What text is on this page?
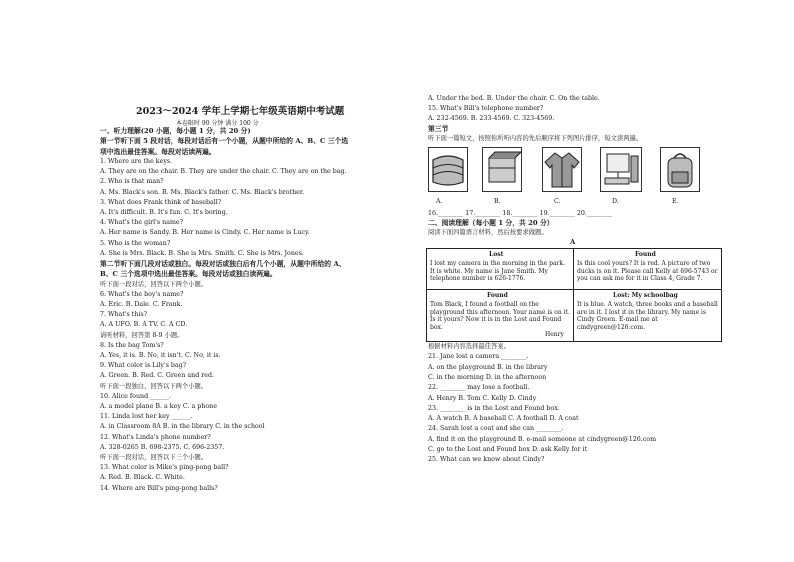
2023～2024 学年上学期七年级英语期中考试题
本卷限时 90 分钟 满分 100 分
一、听力理解(20 小题，每小题 1 分，共 20 分)
第一节听下面 5 段对话，每段对话后有一个小题，从题中所给的 A、B、C 三个选
项中选出最佳答案。每段对话读两遍。
1. Where are the keys.
A. They are on the chair. B. They are under the chair. C. They are on the bag.
2. Who is that man?
A. Ms. Black's son. B. Ms. Black's father. C. Ms. Black's brother.
3. What does Frank think of baseball?
A. It's difficult. B. It's fun. C. It's boring.
4. What's the girl's name?
A. Her name is Sandy. B. Her name is Cindy. C. Her name is Lucy.
5. Who is the woman?
A. She is Mrs. Black. B. She is Mrs. Smith. C. She is Mrs. Jones.
第二节听下面几段对话或独白。每段对话或独白后有几个小题，从题中所给的 A、
B、C 三个选项中选出最佳答案。每段对话或独白读两遍。
听下面一段对话，回答以下两个小题。
6. What's the boy's name?
A. Eric. B. Dale. C. Frank.
7. What's this?
A. A UFO. B. A TV. C. A CD.
请听材料，回答第 8-9 小题。
8. Is the bag Tom's?
A. Yes, it is. B. No, it isn't. C. No, it is.
9. What color is Lily's bag?
A. Green. B. Red. C. Green and red.
听下面一段独白，回答以下两个小题。
10. Alice found ______.
A. a model plane B. a key C. a phone
11. Linda lost her key ______.
A. in Classroom 8A B. in the library C. in the school
12. What's Linda's phone number?
A. 328-0265 B. 698-2375. C. 696-2357.
听下面一段对话，回答以下三个小题。
13. What color is Mike's ping-pong ball?
A. Red. B. Black. C. White.
14. Where are Bill's ping-pong balls?
A. Under the bed. B. Under the chair. C. On the table.
15. What's Bill's telephone number?
A. 232-4569. B. 233-4569. C. 323-4569.
第三节
听下面一篇短文，按照你所听内容的先后顺序将下列图片排序，短文读两遍。
A.	B.	C.	D.	E.
16.________ 17.________ 18.________ 19.________ 20.________
二、阅读理解（每小题 1 分，共 20 分）
阅读下面四篇语言材料，然后按要求做题。
A
Lost
I lost my camera in the morning in the park. It is white. My name is Jane Smith. My telephone number is 626-1776.
Found
Is this cool yours? It is red. A picture of two ducks is on it. Please call Kelly at 696-5743 or you can ask me for it in Class 4, Grade 7.
Found
Tom Black, I found a football on the playground this afternoon. Your name is on it. Is it yours? Now it is in the Lost and Found box.
Henry
Lost: My schoolbag
It is blue. A watch, three books and a baseball are in it. I lost it in the library. My name is Cindy Green. E-mail me at cindygreen@126.com.
根据材料内容选择最佳答案。
21. Jane lost a camera ________.
A. on the playground B. in the library
C. in the morning D. in the afternoon
22. ________ may lose a football.
A. Henry B. Tom C. Kelly D. Cindy
23. ________ is in the Lost and Found box.
A. A watch B. A baseball C. A football D. A coat
24. Sarah lost a coat and she can ________.
A. find it on the playground B. e-mail someone at cindygreen@126.com
C. go to the Lost and Found box D. ask Kelly for it
25. What can we know about Cindy?
